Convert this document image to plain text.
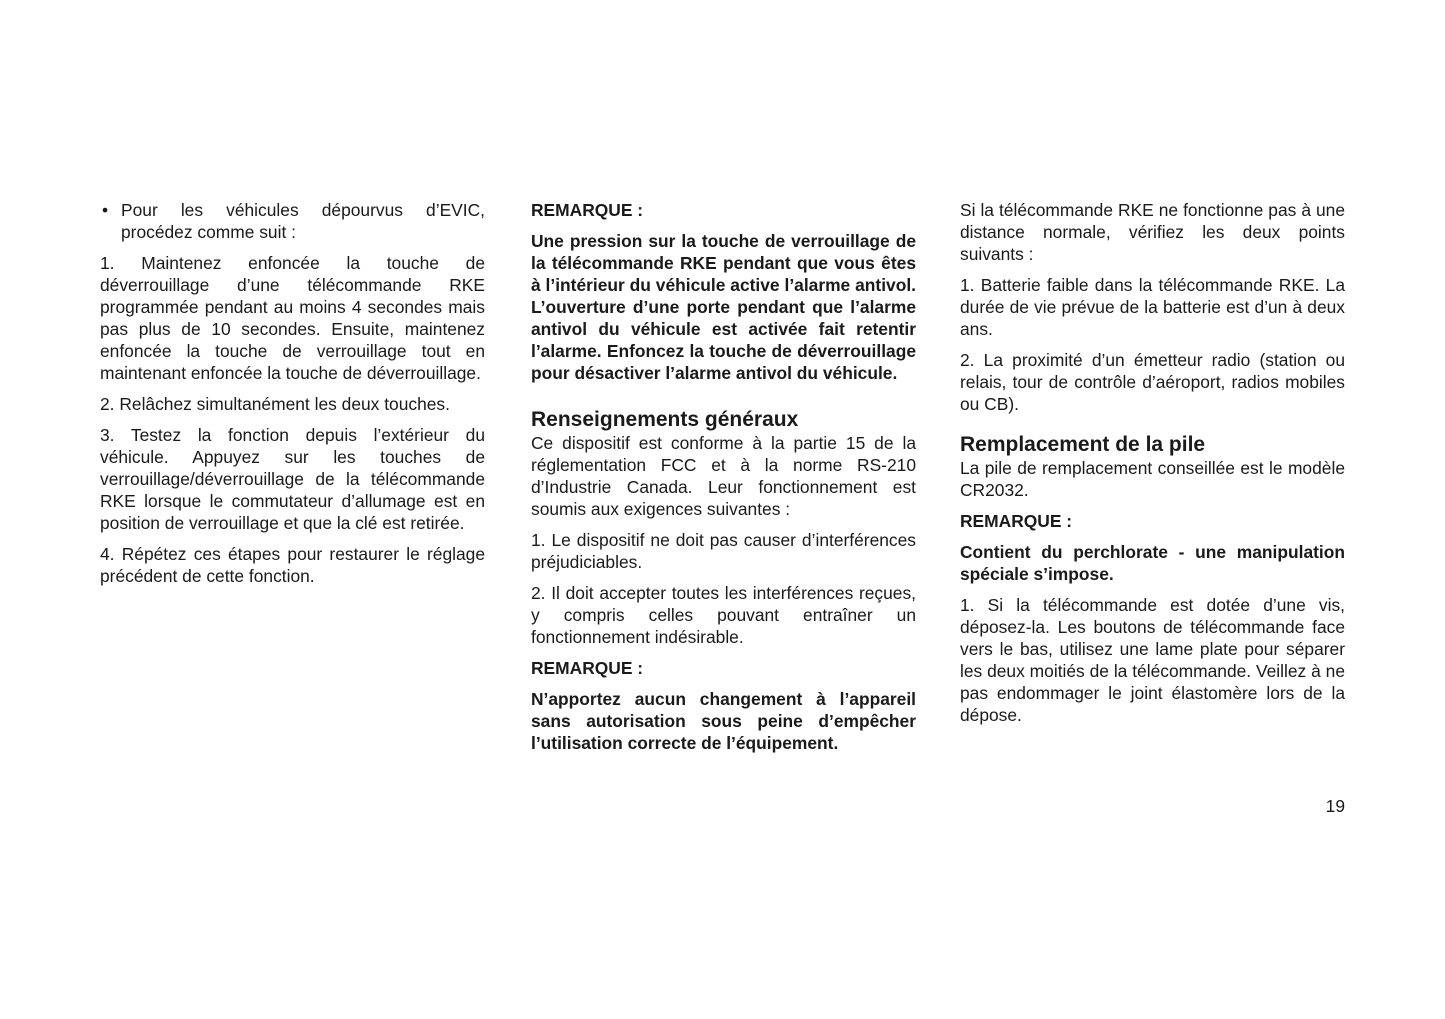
• Pour les véhicules dépourvus d’EVIC, procédez comme suit :

1. Maintenez enfoncée la touche de déverrouillage d’une télécommande RKE programmée pendant au moins 4 secondes mais pas plus de 10 secondes. Ensuite, maintenez enfoncée la touche de verrouillage tout en maintenant enfoncée la touche de déverrouillage.

2. Relâchez simultanément les deux touches.

3. Testez la fonction depuis l’extérieur du véhicule. Appuyez sur les touches de verrouillage/déverrouillage de la télécommande RKE lorsque le commutateur d’allumage est en position de verrouillage et que la clé est retirée.

4. Répétez ces étapes pour restaurer le réglage précédent de cette fonction.

REMARQUE :

Une pression sur la touche de verrouillage de la télécommande RKE pendant que vous êtes à l’intérieur du véhicule active l’alarme antivol. L’ouverture d’une porte pendant que l’alarme antivol du véhicule est activée fait retentir l’alarme. Enfoncez la touche de déverrouillage pour désactiver l’alarme antivol du véhicule.

Renseignements généraux

Ce dispositif est conforme à la partie 15 de la réglementation FCC et à la norme RS-210 d’Industrie Canada. Leur fonctionnement est soumis aux exigences suivantes :

1. Le dispositif ne doit pas causer d’interférences préjudiciables.

2. Il doit accepter toutes les interférences reçues, y compris celles pouvant entraîner un fonctionnement indésirable.

REMARQUE :

N’apportez aucun changement à l’appareil sans autorisation sous peine d’empêcher l’utilisation correcte de l’équipement.

Si la télécommande RKE ne fonctionne pas à une distance normale, vérifiez les deux points suivants :

1. Batterie faible dans la télécommande RKE. La durée de vie prévue de la batterie est d’un à deux ans.

2. La proximité d’un émetteur radio (station ou relais, tour de contrôle d’aéroport, radios mobiles ou CB).

Remplacement de la pile

La pile de remplacement conseillée est le modèle CR2032.

REMARQUE :

Contient du perchlorate - une manipulation spéciale s’impose.

1. Si la télécommande est dotée d’une vis, déposez-la. Les boutons de télécommande face vers le bas, utilisez une lame plate pour séparer les deux moitiés de la télécommande. Veillez à ne pas endommager le joint élastomère lors de la dépose.

19
